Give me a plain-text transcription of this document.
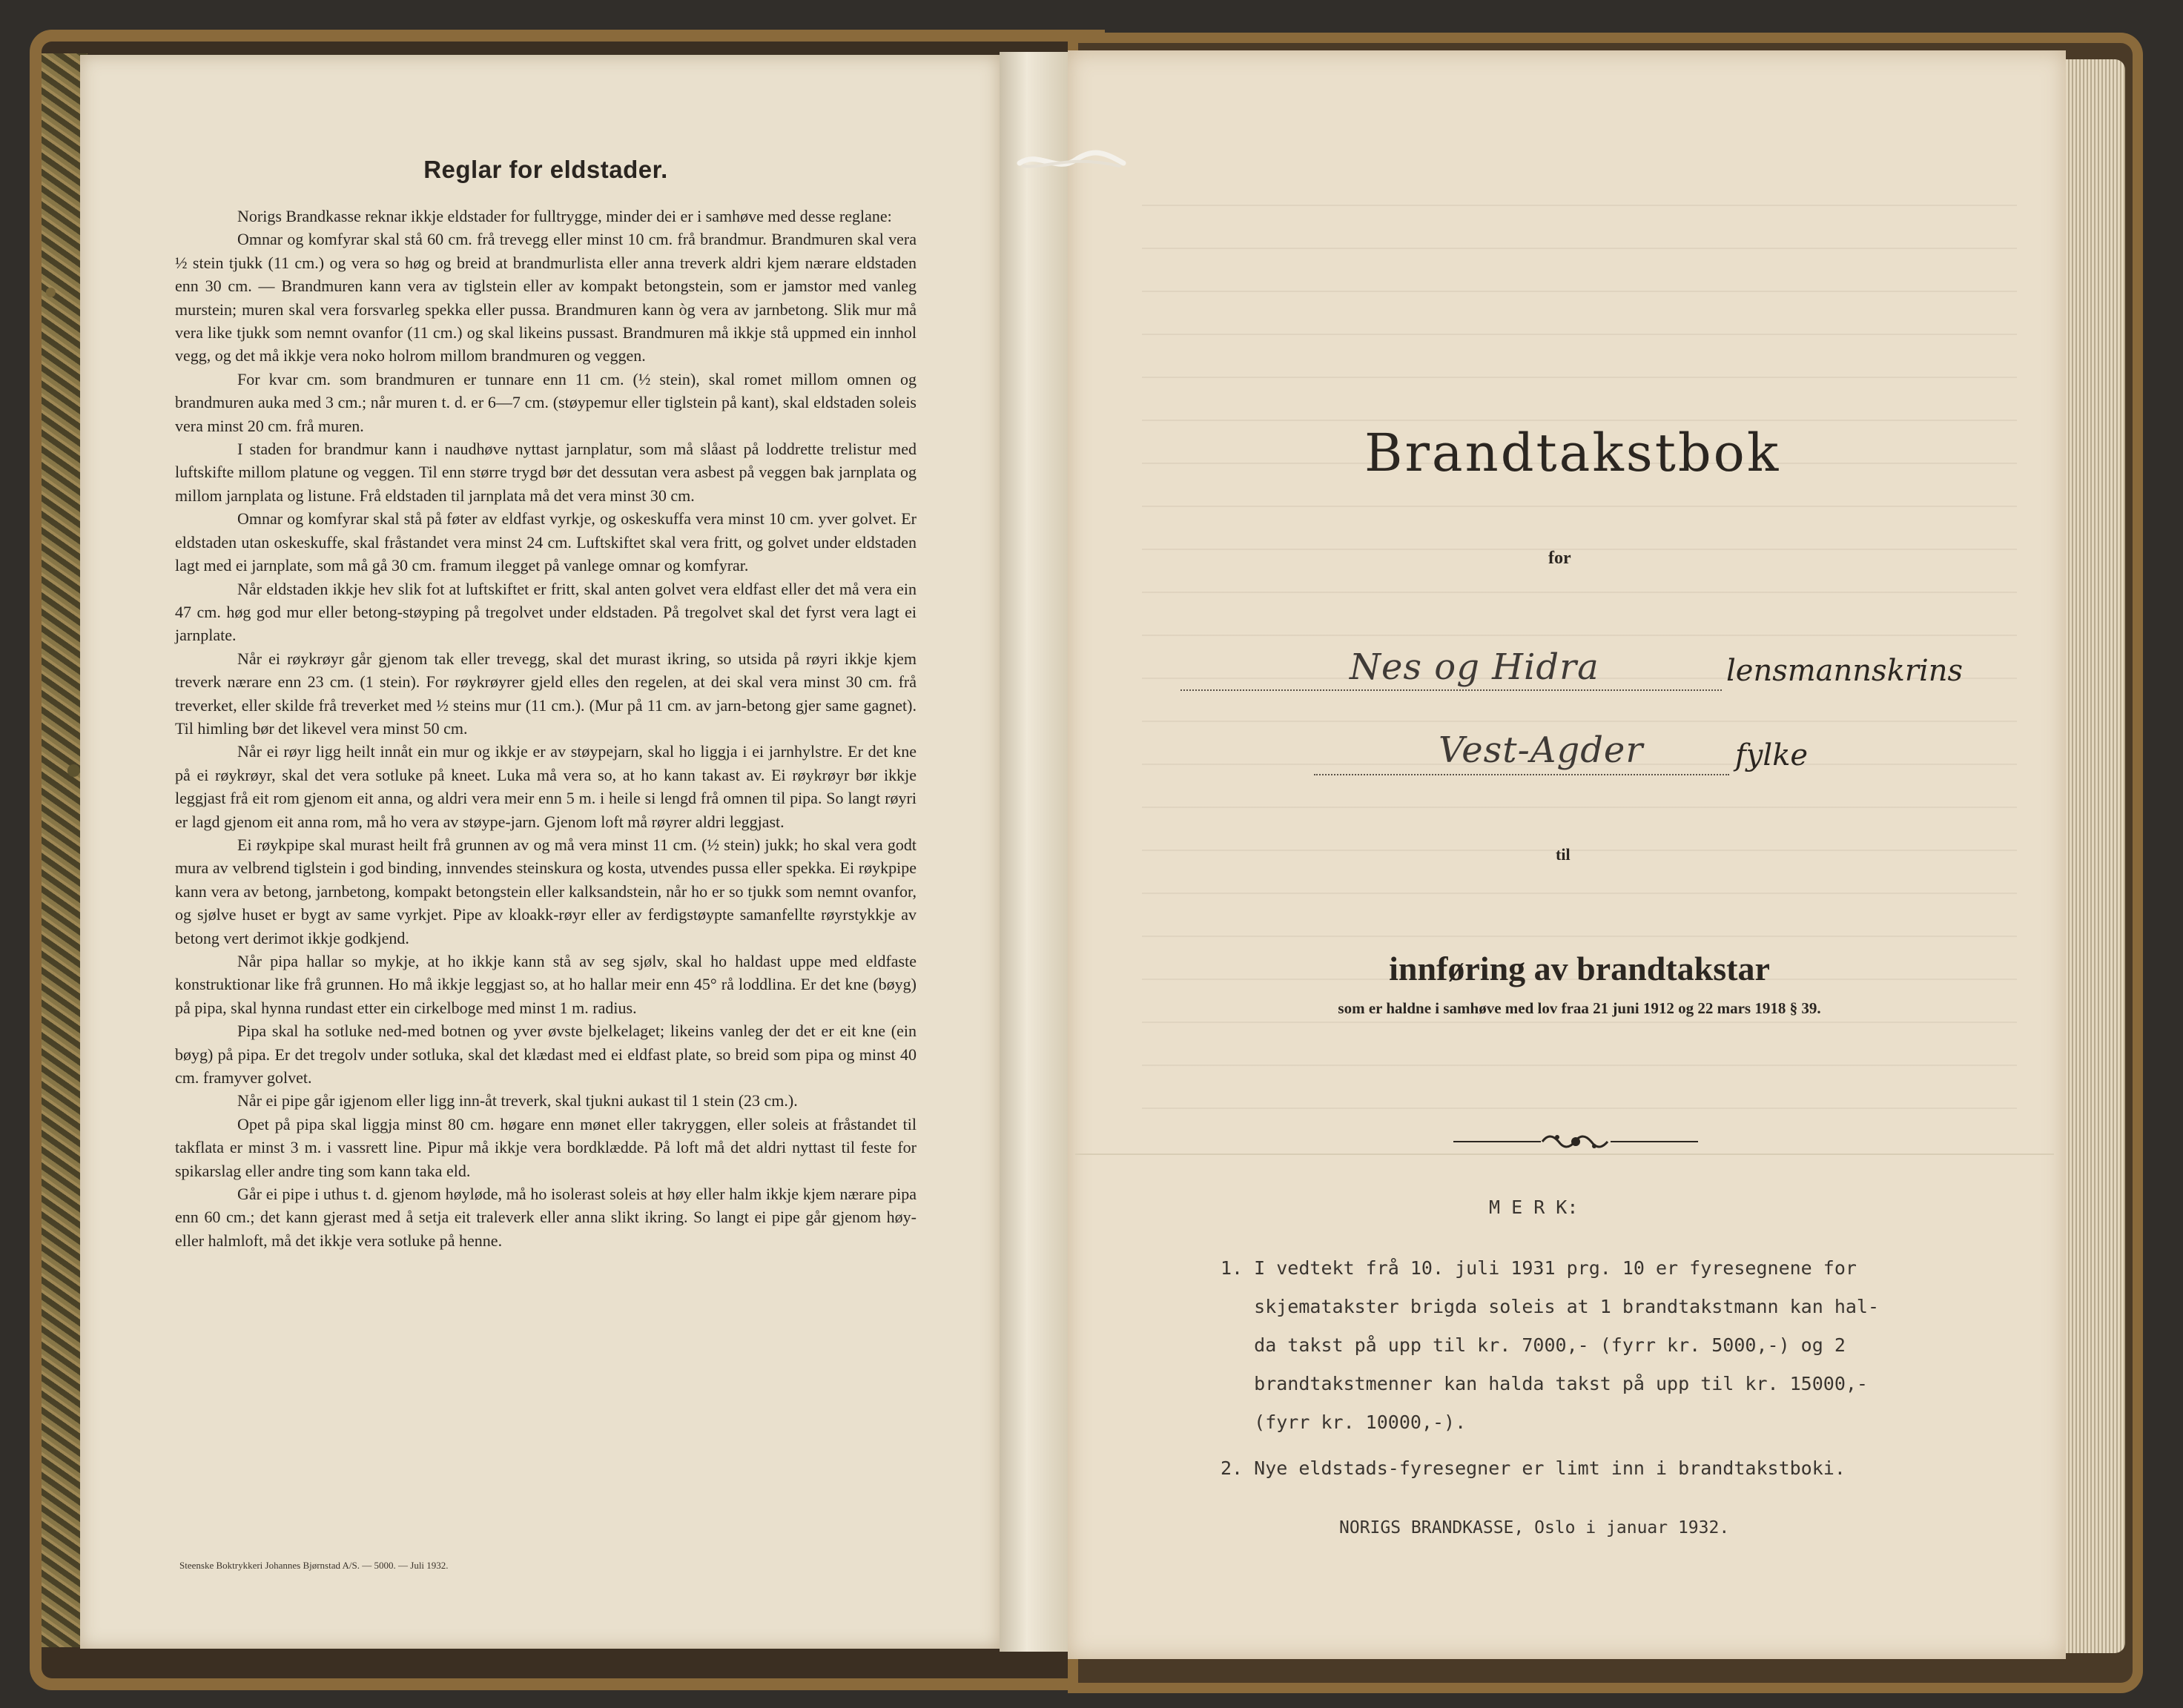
Reglar for eldstader.

Norigs Brandkasse reknar ikkje eldstader for fulltrygge, minder dei er i samhøve med desse reglane:

Omnar og komfyrar skal stå 60 cm. frå trevegg eller minst 10 cm. frå brandmur. Brandmuren skal vera ½ stein tjukk (11 cm.) og vera so høg og breid at brandmurlista eller anna treverk aldri kjem nærare eldstaden enn 30 cm. — Brandmuren kann vera av tiglstein eller av kompakt betongstein, som er jamstor med vanleg murstein; muren skal vera forsvarleg spekka eller pussa. Brandmuren kann òg vera av jarnbetong. Slik mur må vera like tjukk som nemnt ovanfor (11 cm.) og skal likeins pussast. Brandmuren må ikkje stå uppmed ein innhol vegg, og det må ikkje vera noko holrom millom brandmuren og veggen.

For kvar cm. som brandmuren er tunnare enn 11 cm. (½ stein), skal romet millom omnen og brandmuren auka med 3 cm.; når muren t. d. er 6—7 cm. (støypemur eller tiglstein på kant), skal eldstaden soleis vera minst 20 cm. frå muren.

I staden for brandmur kann i naudhøve nyttast jarnplatur, som må slåast på loddrette trelistur med luftskifte millom platune og veggen. Til enn større trygd bør det dessutan vera asbest på veggen bak jarnplata og millom jarnplata og listune. Frå eldstaden til jarnplata må det vera minst 30 cm.

Omnar og komfyrar skal stå på føter av eldfast vyrkje, og oskeskuffa vera minst 10 cm. yver golvet. Er eldstaden utan oskeskuffe, skal fråstandet vera minst 24 cm. Luftskiftet skal vera fritt, og golvet under eldstaden lagt med ei jarnplate, som må gå 30 cm. framum ilegget på vanlege omnar og komfyrar.

Når eldstaden ikkje hev slik fot at luftskiftet er fritt, skal anten golvet vera eldfast eller det må vera ein 47 cm. høg god mur eller betong-støyping på tregolvet under eldstaden. På tregolvet skal det fyrst vera lagt ei jarnplate.

Når ei røykrøyr går gjenom tak eller trevegg, skal det murast ikring, so utsida på røyri ikkje kjem treverk nærare enn 23 cm. (1 stein). For røykrøyrer gjeld elles den regelen, at dei skal vera minst 30 cm. frå treverket, eller skilde frå treverket med ½ steins mur (11 cm.). (Mur på 11 cm. av jarn-betong gjer same gagnet). Til himling bør det likevel vera minst 50 cm.

Når ei røyr ligg heilt innåt ein mur og ikkje er av støypejarn, skal ho liggja i ei jarnhylstre. Er det kne på ei røykrøyr, skal det vera sotluke på kneet. Luka må vera so, at ho kann takast av. Ei røykrøyr bør ikkje leggjast frå eit rom gjenom eit anna, og aldri vera meir enn 5 m. i heile si lengd frå omnen til pipa. So langt røyri er lagd gjenom eit anna rom, må ho vera av støype-jarn. Gjenom loft må røyrer aldri leggjast.

Ei røykpipe skal murast heilt frå grunnen av og må vera minst 11 cm. (½ stein) jukk; ho skal vera godt mura av velbrend tiglstein i god binding, innvendes steinskura og kosta, utvendes pussa eller spekka. Ei røykpipe kann vera av betong, jarnbetong, kompakt betongstein eller kalksandstein, når ho er so tjukk som nemnt ovanfor, og sjølve huset er bygt av same vyrkjet. Pipe av kloakk-røyr eller av ferdigstøypte samanfellte røyrstykkje av betong vert derimot ikkje godkjend.

Når pipa hallar so mykje, at ho ikkje kann stå av seg sjølv, skal ho haldast uppe med eldfaste konstruktionar like frå grunnen. Ho må ikkje leggjast so, at ho hallar meir enn 45° rå loddlina. Er det kne (bøyg) på pipa, skal hynna rundast etter ein cirkelboge med minst 1 m. radius.

Pipa skal ha sotluke ned-med botnen og yver øvste bjelkelaget; likeins vanleg der det er eit kne (ein bøyg) på pipa. Er det tregolv under sotluka, skal det klædast med ei eldfast plate, so breid som pipa og minst 40 cm. framyver golvet.

Når ei pipe går igjenom eller ligg inn-åt treverk, skal tjukni aukast til 1 stein (23 cm.).

Opet på pipa skal liggja minst 80 cm. høgare enn mønet eller takryggen, eller soleis at fråstandet til takflata er minst 3 m. i vassrett line. Pipur må ikkje vera bordklædde. På loft må det aldri nyttast til feste for spikarslag eller andre ting som kann taka eld.

Går ei pipe i uthus t. d. gjenom høyløde, må ho isolerast soleis at høy eller halm ikkje kjem nærare pipa enn 60 cm.; det kann gjerast med å setja eit traleverk eller anna slikt ikring. So langt ei pipe går gjenom høy- eller halmloft, må det ikkje vera sotluke på henne.

Steenske Boktrykkeri Johannes Bjørnstad A/S. — 5000. — Juli 1932.
Brandtakstbok
for
Nes og Hidra	lensmannskrins
Vest-Agder	fylke
til
innføring av brandtakstar
som er haldne i samhøve med lov fraa 21 juni 1912 og 22 mars 1918 § 39.
M E R K:
1. I vedtekt frå 10. juli 1931 prg. 10 er fyresegnene for
skjematakster brigda soleis at 1 brandtakstmann kan hal-
da takst på upp til kr. 7000,- (fyrr kr. 5000,-) og 2
brandtakstmenner kan halda takst på upp til kr. 15000,-
(fyrr kr. 10000,-).
2. Nye eldstads-fyresegner er limt inn i brandtakstboki.
NORIGS BRANDKASSE, Oslo i januar 1932.
